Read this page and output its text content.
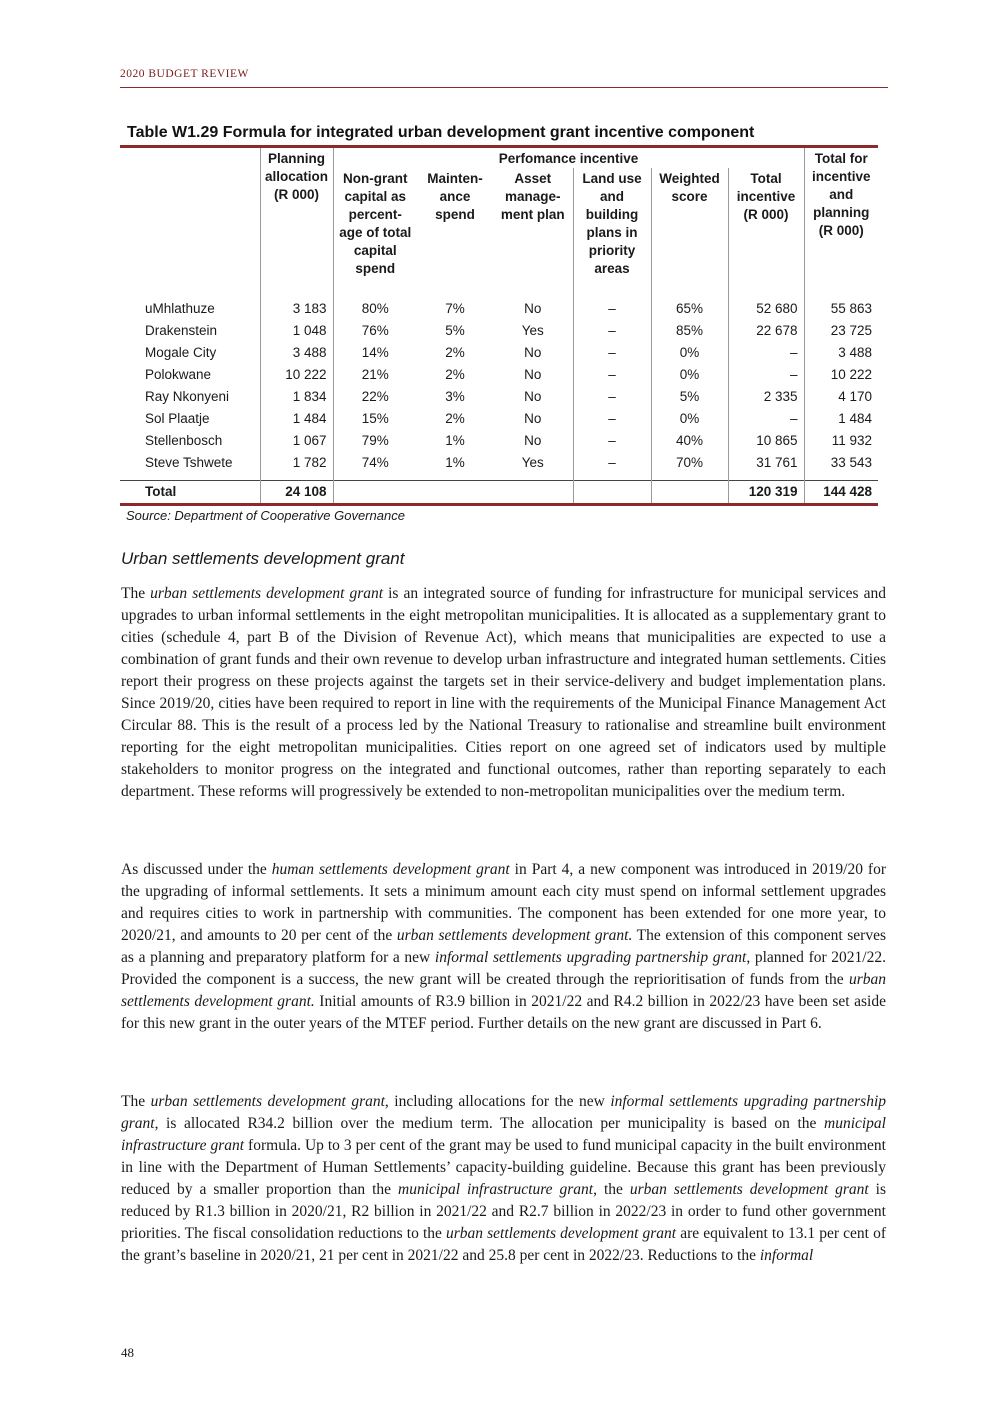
2020 BUDGET REVIEW
Table W1.29 Formula for integrated urban development grant incentive component
	Planning allocation (R 000)	Perfomance incentive						Total for incentive and planning (R 000)
		Non-grant capital as percent- age of total capital spend	Mainten- ance spend	Asset manage- ment plan	Land use and building plans in priority areas	Weighted score	Total incentive (R 000)	

uMhlathuze	3 183	80%	7%	No	–	65%	52 680	55 863
Drakenstein	1 048	76%	5%	Yes	–	85%	22 678	23 725
Mogale City	3 488	14%	2%	No	–	0%	–	3 488
Polokwane	10 222	21%	2%	No	–	0%	–	10 222
Ray Nkonyeni	1 834	22%	3%	No	–	5%	2 335	4 170
Sol Plaatje	1 484	15%	2%	No	–	0%	–	1 484
Stellenbosch	1 067	79%	1%	No	–	40%	10 865	11 932
Steve Tshwete	1 782	74%	1%	Yes	–	70%	31 761	33 543

Total	24 108						120 319	144 428
Source: Department of Cooperative Governance
Urban settlements development grant

The urban settlements development grant is an integrated source of funding for infrastructure for municipal services and upgrades to urban informal settlements in the eight metropolitan municipalities. It is allocated as a supplementary grant to cities (schedule 4, part B of the Division of Revenue Act), which means that municipalities are expected to use a combination of grant funds and their own revenue to develop urban infrastructure and integrated human settlements. Cities report their progress on these projects against the targets set in their service-delivery and budget implementation plans. Since 2019/20, cities have been required to report in line with the requirements of the Municipal Finance Management Act Circular 88. This is the result of a process led by the National Treasury to rationalise and streamline built environment reporting for the eight metropolitan municipalities. Cities report on one agreed set of indicators used by multiple stakeholders to monitor progress on the integrated and functional outcomes, rather than reporting separately to each department. These reforms will progressively be extended to non-metropolitan municipalities over the medium term.

As discussed under the human settlements development grant in Part 4, a new component was introduced in 2019/20 for the upgrading of informal settlements. It sets a minimum amount each city must spend on informal settlement upgrades and requires cities to work in partnership with communities. The component has been extended for one more year, to 2020/21, and amounts to 20 per cent of the urban settlements development grant. The extension of this component serves as a planning and preparatory platform for a new informal settlements upgrading partnership grant, planned for 2021/22. Provided the component is a success, the new grant will be created through the reprioritisation of funds from the urban settlements development grant. Initial amounts of R3.9 billion in 2021/22 and R4.2 billion in 2022/23 have been set aside for this new grant in the outer years of the MTEF period. Further details on the new grant are discussed in Part 6.

The urban settlements development grant, including allocations for the new informal settlements upgrading partnership grant, is allocated R34.2 billion over the medium term. The allocation per municipality is based on the municipal infrastructure grant formula. Up to 3 per cent of the grant may be used to fund municipal capacity in the built environment in line with the Department of Human Settlements’ capacity-building guideline. Because this grant has been previously reduced by a smaller proportion than the municipal infrastructure grant, the urban settlements development grant is reduced by R1.3 billion in 2020/21, R2 billion in 2021/22 and R2.7 billion in 2022/23 in order to fund other government priorities. The fiscal consolidation reductions to the urban settlements development grant are equivalent to 13.1 per cent of the grant’s baseline in 2020/21, 21 per cent in 2021/22 and 25.8 per cent in 2022/23. Reductions to the informal

48
